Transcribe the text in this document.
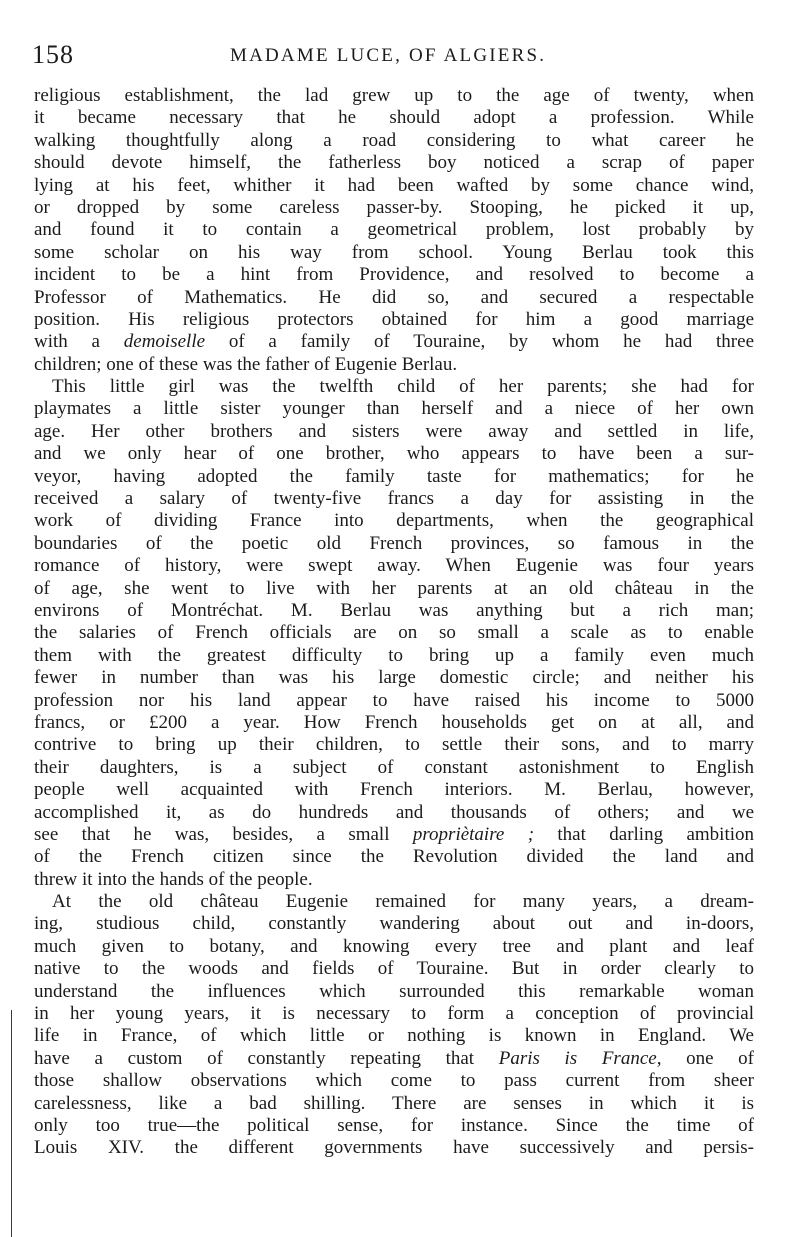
158	MADAME LUCE, OF ALGIERS.
religious establishment, the lad grew up to the age of twenty, when
it became necessary that he should adopt a profession. While
walking thoughtfully along a road considering to what career he
should devote himself, the fatherless boy noticed a scrap of paper
lying at his feet, whither it had been wafted by some chance wind,
or dropped by some careless passer-by. Stooping, he picked it up,
and found it to contain a geometrical problem, lost probably by
some scholar on his way from school. Young Berlau took this
incident to be a hint from Providence, and resolved to become a
Professor of Mathematics. He did so, and secured a respectable
position. His religious protectors obtained for him a good marriage
with a demoiselle of a family of Touraine, by whom he had three
children; one of these was the father of Eugenie Berlau.
This little girl was the twelfth child of her parents; she had for
playmates a little sister younger than herself and a niece of her own
age. Her other brothers and sisters were away and settled in life,
and we only hear of one brother, who appears to have been a sur-
veyor, having adopted the family taste for mathematics; for he
received a salary of twenty-five francs a day for assisting in the
work of dividing France into departments, when the geographical
boundaries of the poetic old French provinces, so famous in the
romance of history, were swept away. When Eugenie was four years
of age, she went to live with her parents at an old château in the
environs of Montréchat. M. Berlau was anything but a rich man;
the salaries of French officials are on so small a scale as to enable
them with the greatest difficulty to bring up a family even much
fewer in number than was his large domestic circle; and neither his
profession nor his land appear to have raised his income to 5000
francs, or £200 a year. How French households get on at all, and
contrive to bring up their children, to settle their sons, and to marry
their daughters, is a subject of constant astonishment to English
people well acquainted with French interiors. M. Berlau, however,
accomplished it, as do hundreds and thousands of others; and we
see that he was, besides, a small propriètaire ; that darling ambition
of the French citizen since the Revolution divided the land and
threw it into the hands of the people.
At the old château Eugenie remained for many years, a dream-
ing, studious child, constantly wandering about out and in-doors,
much given to botany, and knowing every tree and plant and leaf
native to the woods and fields of Touraine. But in order clearly to
understand the influences which surrounded this remarkable woman
in her young years, it is necessary to form a conception of provincial
life in France, of which little or nothing is known in England. We
have a custom of constantly repeating that Paris is France, one of
those shallow observations which come to pass current from sheer
carelessness, like a bad shilling. There are senses in which it is
only too true—the political sense, for instance. Since the time of
Louis XIV. the different governments have successively and persis-
